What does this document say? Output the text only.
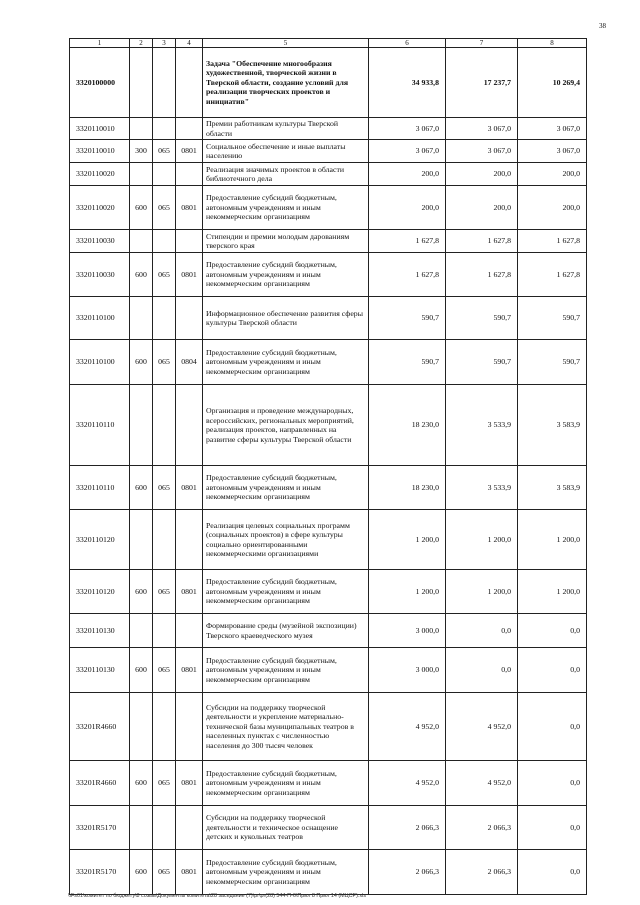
38
1	2	3	4	5	6	7	8
3320100000				Задача "Обеспечение многообразия художественной, творческой жизни в Тверской области, создание условий для реализации творческих проектов и инициатив"	34 933,8	17 237,7	10 269,4
3320110010				Премии работникам культуры Тверской области	3 067,0	3 067,0	3 067,0
3320110010	300	065	0801	Социальное обеспечение и иные выплаты населению	3 067,0	3 067,0	3 067,0
3320110020				Реализация значимых проектов в области библиотечного дела	200,0	200,0	200,0
3320110020	600	065	0801	Предоставление субсидий бюджетным, автономным учреждениям и иным некоммерческим организациям	200,0	200,0	200,0
3320110030				Стипендии и премии молодым дарованиям тверского края	1 627,8	1 627,8	1 627,8
3320110030	600	065	0801	Предоставление субсидий бюджетным, автономным учреждениям и иным некоммерческим организациям	1 627,8	1 627,8	1 627,8
3320110100				Информационное обеспечение развития сферы культуры Тверской области	590,7	590,7	590,7
3320110100	600	065	0804	Предоставление субсидий бюджетным, автономным учреждениям и иным некоммерческим организациям	590,7	590,7	590,7
3320110110				Организация и проведение международных, всероссийских, региональных мероприятий, реализация проектов, направленных на развитие сферы культуры Тверской области	18 230,0	3 533,9	3 583,9
3320110110	600	065	0801	Предоставление субсидий бюджетным, автономным учреждениям и иным некоммерческим организациям	18 230,0	3 533,9	3 583,9
3320110120				Реализация целевых социальных программ (социальных проектов) в сфере культуры социально ориентированными некоммерческими организациями	1 200,0	1 200,0	1 200,0
3320110120	600	065	0801	Предоставление субсидий бюджетным, автономным учреждениям и иным некоммерческим организациям	1 200,0	1 200,0	1 200,0
3320110130				Формирование среды (музейной экспозиции) Тверского краеведческого музея	3 000,0	0,0	0,0
3320110130	600	065	0801	Предоставление субсидий бюджетным, автономным учреждениям и иным некоммерческим организациям	3 000,0	0,0	0,0
33201R4660				Субсидии на поддержку творческой деятельности и укрепление материально-технической базы муниципальных театров в населенных пунктах с численностью населения до 300 тысяч человек	4 952,0	4 952,0	0,0
33201R4660	600	065	0801	Предоставление субсидий бюджетным, автономным учреждениям и иным некоммерческим организациям	4 952,0	4 952,0	0,0
33201R5170				Субсидии на поддержку творческой деятельности и техническое оснащение детских и кукольных театров	2 066,3	2 066,3	0,0
33201R5170	600	065	0801	Предоставление субсидий бюджетным, автономным учреждениям и иным некоммерческим организациям	2 066,3	2 066,3	0,0
\\Fs01\комитет по бюджету\8 созыв\Документы комитета\28 заседание (7)\pr\pr(28) 544-П-6\Прил 8 Прил 14 (МЦСР).xls
